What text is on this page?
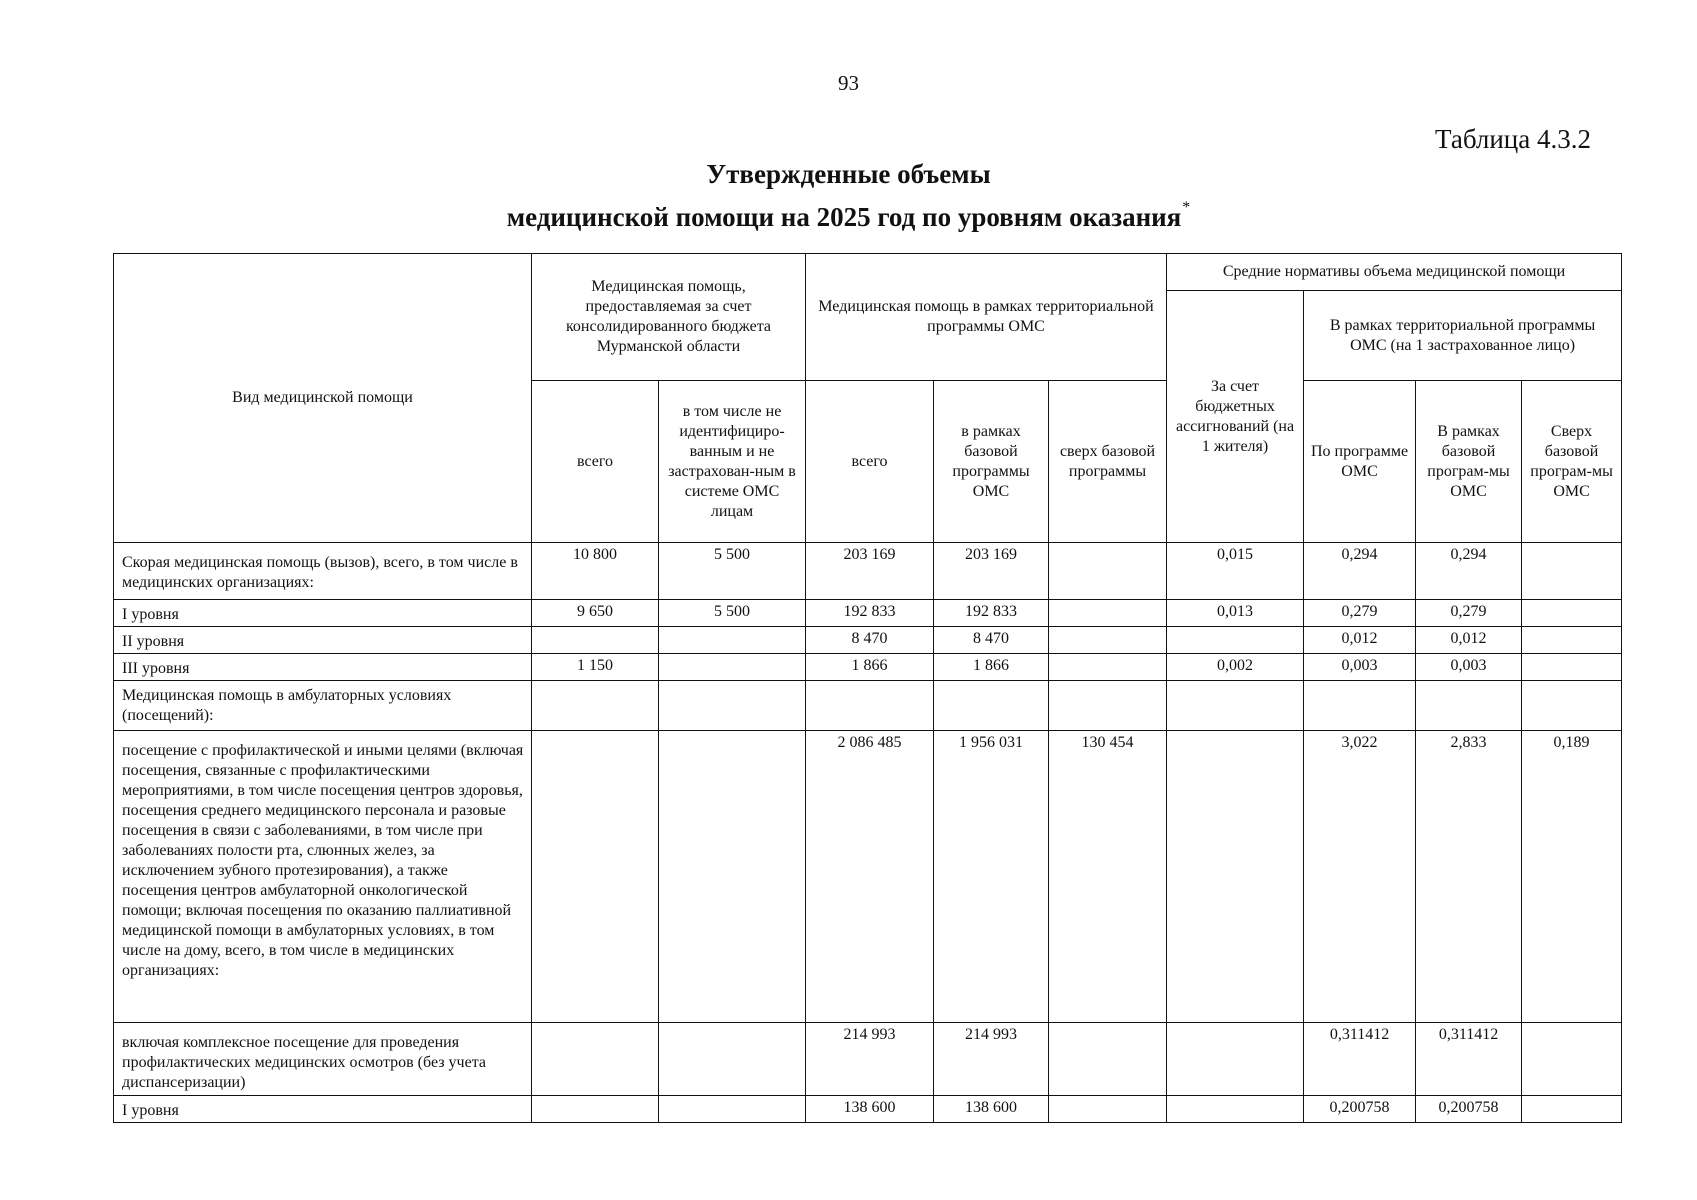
93
Таблица 4.3.2
Утвержденные объемы
медицинской помощи на 2025 год по уровням оказания*
Вид медицинской помощи	Медицинская помощь, предоставляемая за счет консолидированного бюджета Мурманской области		Медицинская помощь в рамках территориальной программы ОМС			Средние нормативы объема медицинской помощи			
						За счет бюджетных ассигнований (на 1 жителя)	В рамках территориальной программы ОМС (на 1 застрахованное лицо)		
	всего	в том числе не идентифициро-ванным и не застрахован-ным в системе ОМС лицам	всего	в рамках базовой программы ОМС	сверх базовой программы		По программе ОМС	В рамках базовой програм-мы ОМС	Сверх базовой програм-мы ОМС
Скорая медицинская помощь (вызов), всего, в том числе в медицинских организациях:	10 800	5 500	203 169	203 169		0,015	0,294	0,294	
I уровня	9 650	5 500	192 833	192 833		0,013	0,279	0,279	
II уровня			8 470	8 470			0,012	0,012	
III уровня	1 150		1 866	1 866		0,002	0,003	0,003	
Медицинская помощь в амбулаторных условиях (посещений):									
посещение с профилактической и иными целями (включая посещения, связанные с профилактическими мероприятиями, в том числе посещения центров здоровья, посещения среднего медицинского персонала и разовые посещения в связи с заболеваниями, в том числе при заболеваниях полости рта, слюнных желез, за исключением зубного протезирования), а также посещения центров амбулаторной онкологической помощи; включая посещения по оказанию паллиативной медицинской помощи в амбулаторных условиях, в том числе на дому, всего, в том числе в медицинских организациях:			2 086 485	1 956 031	130 454		3,022	2,833	0,189
включая комплексное посещение для проведения профилактических медицинских осмотров (без учета диспансеризации)			214 993	214 993			0,311412	0,311412	
I уровня			138 600	138 600			0,200758	0,200758	
